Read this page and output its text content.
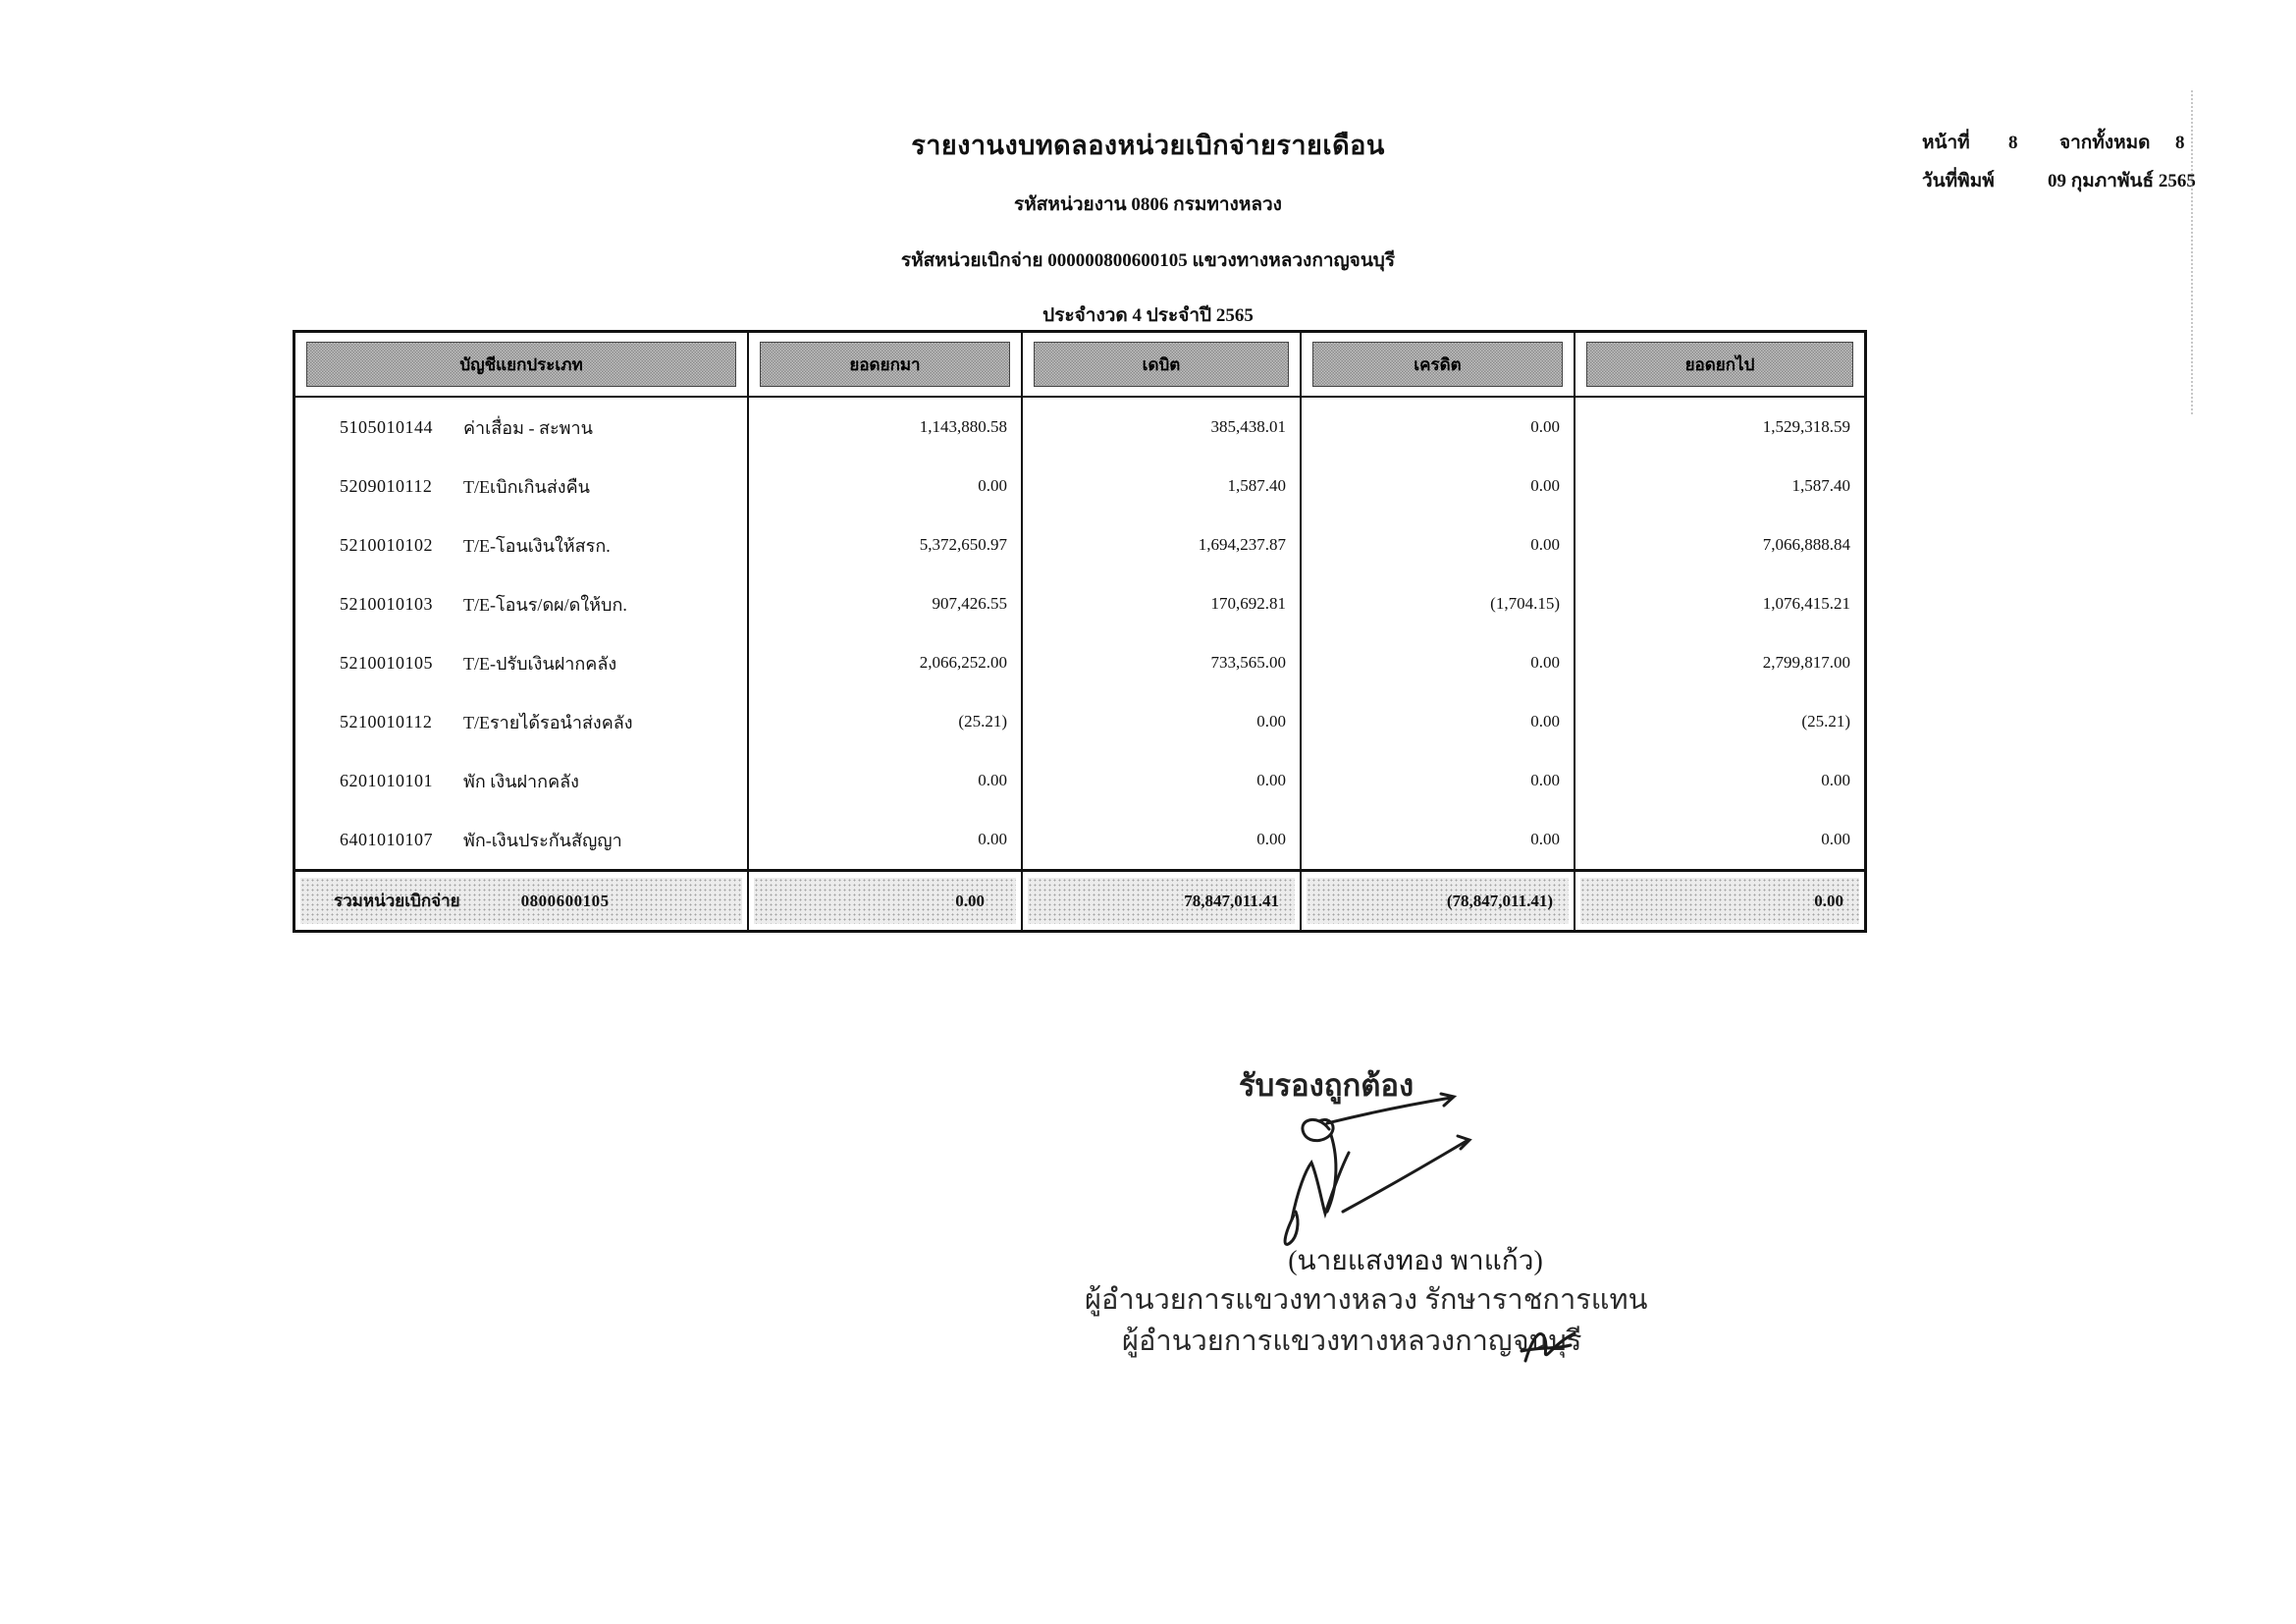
รายงานงบทดลองหน่วยเบิกจ่ายรายเดือน
รหัสหน่วยงาน 0806 กรมทางหลวง
รหัสหน่วยเบิกจ่าย 000000800600105 แขวงทางหลวงกาญจนบุรี
ประจำงวด 4 ประจำปี 2565
หน้าที่	8	จากทั้งหมด	8
วันที่พิมพ์	09 กุมภาพันธ์ 2565
บัญชีแยกประเภท	ยอดยกมา	เดบิต	เครดิต	ยอดยกไป
5105010144	ค่าเสื่อม - สะพาน	1,143,880.58	385,438.01	0.00	1,529,318.59
5209010112	T/Eเบิกเกินส่งคืน	0.00	1,587.40	0.00	1,587.40
5210010102	T/E-โอนเงินให้สรก.	5,372,650.97	1,694,237.87	0.00	7,066,888.84
5210010103	T/E-โอนร/ดผ/ดให้บก.	907,426.55	170,692.81	(1,704.15)	1,076,415.21
5210010105	T/E-ปรับเงินฝากคลัง	2,066,252.00	733,565.00	0.00	2,799,817.00
5210010112	T/Eรายได้รอนำส่งคลัง	(25.21)	0.00	0.00	(25.21)
6201010101	พัก เงินฝากคลัง	0.00	0.00	0.00	0.00
6401010107	พัก-เงินประกันสัญญา	0.00	0.00	0.00	0.00
รวมหน่วยเบิกจ่าย	0800600105	0.00	78,847,011.41	(78,847,011.41)	0.00
รับรองถูกต้อง
(นายแสงทอง พาแก้ว)
ผู้อำนวยการแขวงทางหลวง รักษาราชการแทน
ผู้อำนวยการแขวงทางหลวงกาญจนบุรี
